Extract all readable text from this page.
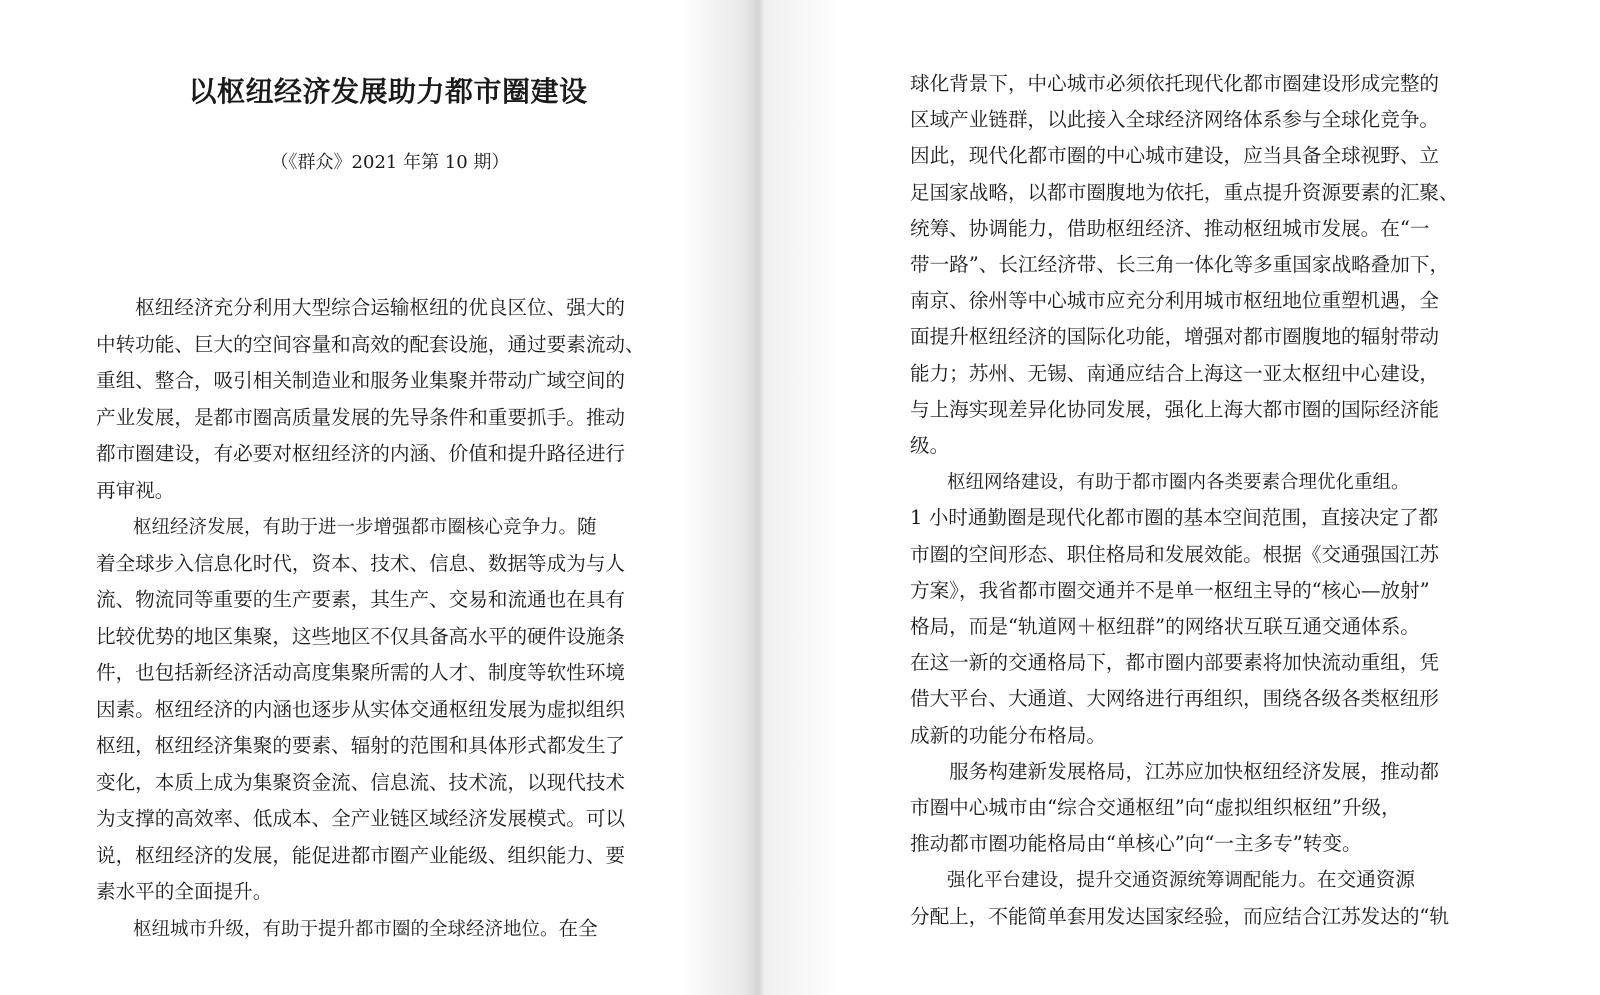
以枢纽经济发展助力都市圈建设
（《群众》2021 年第 10 期）
　　枢纽经济充分利用大型综合运输枢纽的优良区位、强大的
中转功能、巨大的空间容量和高效的配套设施，通过要素流动、
重组、整合，吸引相关制造业和服务业集聚并带动广域空间的
产业发展，是都市圈高质量发展的先导条件和重要抓手。推动
都市圈建设，有必要对枢纽经济的内涵、价值和提升路径进行
再审视。
　　枢纽经济发展，有助于进一步增强都市圈核心竞争力。随
着全球步入信息化时代，资本、技术、信息、数据等成为与人
流、物流同等重要的生产要素，其生产、交易和流通也在具有
比较优势的地区集聚，这些地区不仅具备高水平的硬件设施条
件，也包括新经济活动高度集聚所需的人才、制度等软性环境
因素。枢纽经济的内涵也逐步从实体交通枢纽发展为虚拟组织
枢纽，枢纽经济集聚的要素、辐射的范围和具体形式都发生了
变化，本质上成为集聚资金流、信息流、技术流，以现代技术
为支撑的高效率、低成本、全产业链区域经济发展模式。可以
说，枢纽经济的发展，能促进都市圈产业能级、组织能力、要
素水平的全面提升。
　　枢纽城市升级，有助于提升都市圈的全球经济地位。在全
球化背景下，中心城市必须依托现代化都市圈建设形成完整的
区域产业链群，以此接入全球经济网络体系参与全球化竞争。
因此，现代化都市圈的中心城市建设，应当具备全球视野、立
足国家战略，以都市圈腹地为依托，重点提升资源要素的汇聚、
统筹、协调能力，借助枢纽经济、推动枢纽城市发展。在“一
带一路”、长江经济带、长三角一体化等多重国家战略叠加下，
南京、徐州等中心城市应充分利用城市枢纽地位重塑机遇，全
面提升枢纽经济的国际化功能，增强对都市圈腹地的辐射带动
能力；苏州、无锡、南通应结合上海这一亚太枢纽中心建设，
与上海实现差异化协同发展，强化上海大都市圈的国际经济能
级。
　　枢纽网络建设，有助于都市圈内各类要素合理优化重组。
1 小时通勤圈是现代化都市圈的基本空间范围，直接决定了都
市圈的空间形态、职住格局和发展效能。根据《交通强国江苏
方案》，我省都市圈交通并不是单一枢纽主导的“核心—放射”
格局，而是“轨道网＋枢纽群”的网络状互联互通交通体系。
在这一新的交通格局下，都市圈内部要素将加快流动重组，凭
借大平台、大通道、大网络进行再组织，围绕各级各类枢纽形
成新的功能分布格局。
　　服务构建新发展格局，江苏应加快枢纽经济发展，推动都
市圈中心城市由“综合交通枢纽”向“虚拟组织枢纽”升级，
推动都市圈功能格局由“单核心”向“一主多专”转变。
　　强化平台建设，提升交通资源统筹调配能力。在交通资源
分配上，不能简单套用发达国家经验，而应结合江苏发达的“轨
